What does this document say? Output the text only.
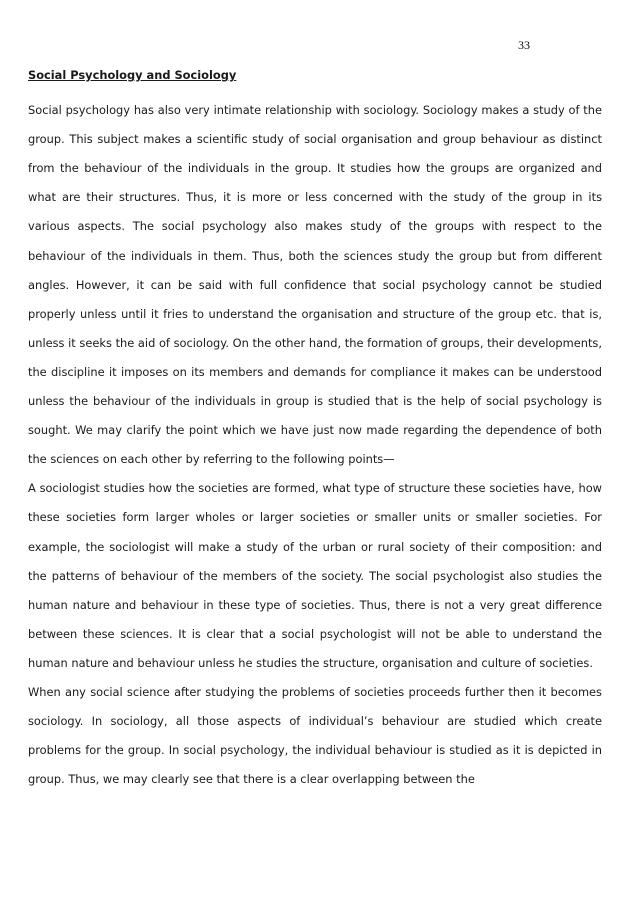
33

Social Psychology and Sociology

Social psychology has also very intimate relationship with sociology. Sociology makes a study of the group. This subject makes a scientific study of social organisation and group behaviour as distinct from the behaviour of the individuals in the group. It studies how the groups are organized and what are their structures. Thus, it is more or less concerned with the study of the group in its various aspects. The social psychology also makes study of the groups with respect to the behaviour of the individuals in them. Thus, both the sciences study the group but from different angles. However, it can be said with full confidence that social psychology cannot be studied properly unless until it fries to understand the organisation and structure of the group etc. that is, unless it seeks the aid of sociology. On the other hand, the formation of groups, their developments, the discipline it imposes on its members and demands for compliance it makes can be understood unless the behaviour of the individuals in group is studied that is the help of social psychology is sought. We may clarify the point which we have just now made regarding the dependence of both the sciences on each other by referring to the following points—

A sociologist studies how the societies are formed, what type of structure these societies have, how these societies form larger wholes or larger societies or smaller units or smaller societies. For example, the sociologist will make a study of the urban or rural society of their composition: and the patterns of behaviour of the members of the society. The social psychologist also studies the human nature and behaviour in these type of societies. Thus, there is not a very great difference between these sciences. It is clear that a social psychologist will not be able to understand the human nature and behaviour unless he studies the structure, organisation and culture of societies.

When any social science after studying the problems of societies proceeds further then it becomes sociology. In sociology, all those aspects of individual’s behaviour are studied which create problems for the group. In social psychology, the individual behaviour is studied as it is depicted in group. Thus, we may clearly see that there is a clear overlapping between the
